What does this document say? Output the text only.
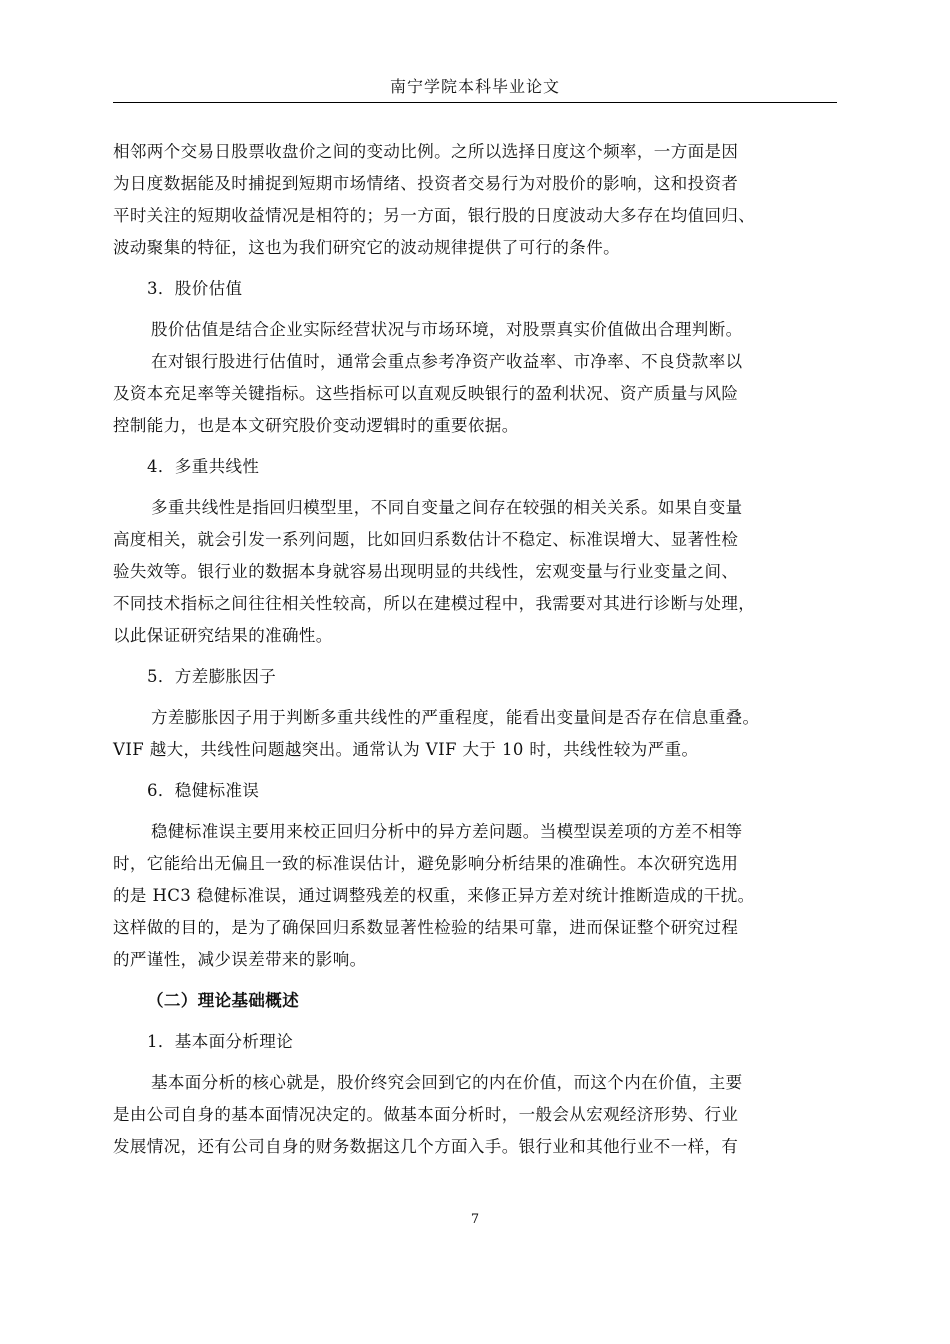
南宁学院本科毕业论文
相邻两个交易日股票收盘价之间的变动比例。之所以选择日度这个频率，一方面是因
为日度数据能及时捕捉到短期市场情绪、投资者交易行为对股价的影响，这和投资者
平时关注的短期收益情况是相符的；另一方面，银行股的日度波动大多存在均值回归、
波动聚集的特征，这也为我们研究它的波动规律提供了可行的条件。
3．股价估值
股价估值是结合企业实际经营状况与市场环境，对股票真实价值做出合理判断。
在对银行股进行估值时，通常会重点参考净资产收益率、市净率、不良贷款率以
及资本充足率等关键指标。这些指标可以直观反映银行的盈利状况、资产质量与风险
控制能力，也是本文研究股价变动逻辑时的重要依据。
4．多重共线性
多重共线性是指回归模型里，不同自变量之间存在较强的相关关系。如果自变量
高度相关，就会引发一系列问题，比如回归系数估计不稳定、标准误增大、显著性检
验失效等。银行业的数据本身就容易出现明显的共线性，宏观变量与行业变量之间、
不同技术指标之间往往相关性较高，所以在建模过程中，我需要对其进行诊断与处理，
以此保证研究结果的准确性。
5．方差膨胀因子
方差膨胀因子用于判断多重共线性的严重程度，能看出变量间是否存在信息重叠。
VIF 越大，共线性问题越突出。通常认为 VIF 大于 10 时，共线性较为严重。
6．稳健标准误
稳健标准误主要用来校正回归分析中的异方差问题。当模型误差项的方差不相等
时，它能给出无偏且一致的标准误估计，避免影响分析结果的准确性。本次研究选用
的是 HC3 稳健标准误，通过调整残差的权重，来修正异方差对统计推断造成的干扰。
这样做的目的，是为了确保回归系数显著性检验的结果可靠，进而保证整个研究过程
的严谨性，减少误差带来的影响。
（二）理论基础概述
1．基本面分析理论
基本面分析的核心就是，股价终究会回到它的内在价值，而这个内在价值，主要
是由公司自身的基本面情况决定的。做基本面分析时，一般会从宏观经济形势、行业
发展情况，还有公司自身的财务数据这几个方面入手。银行业和其他行业不一样，有
7
